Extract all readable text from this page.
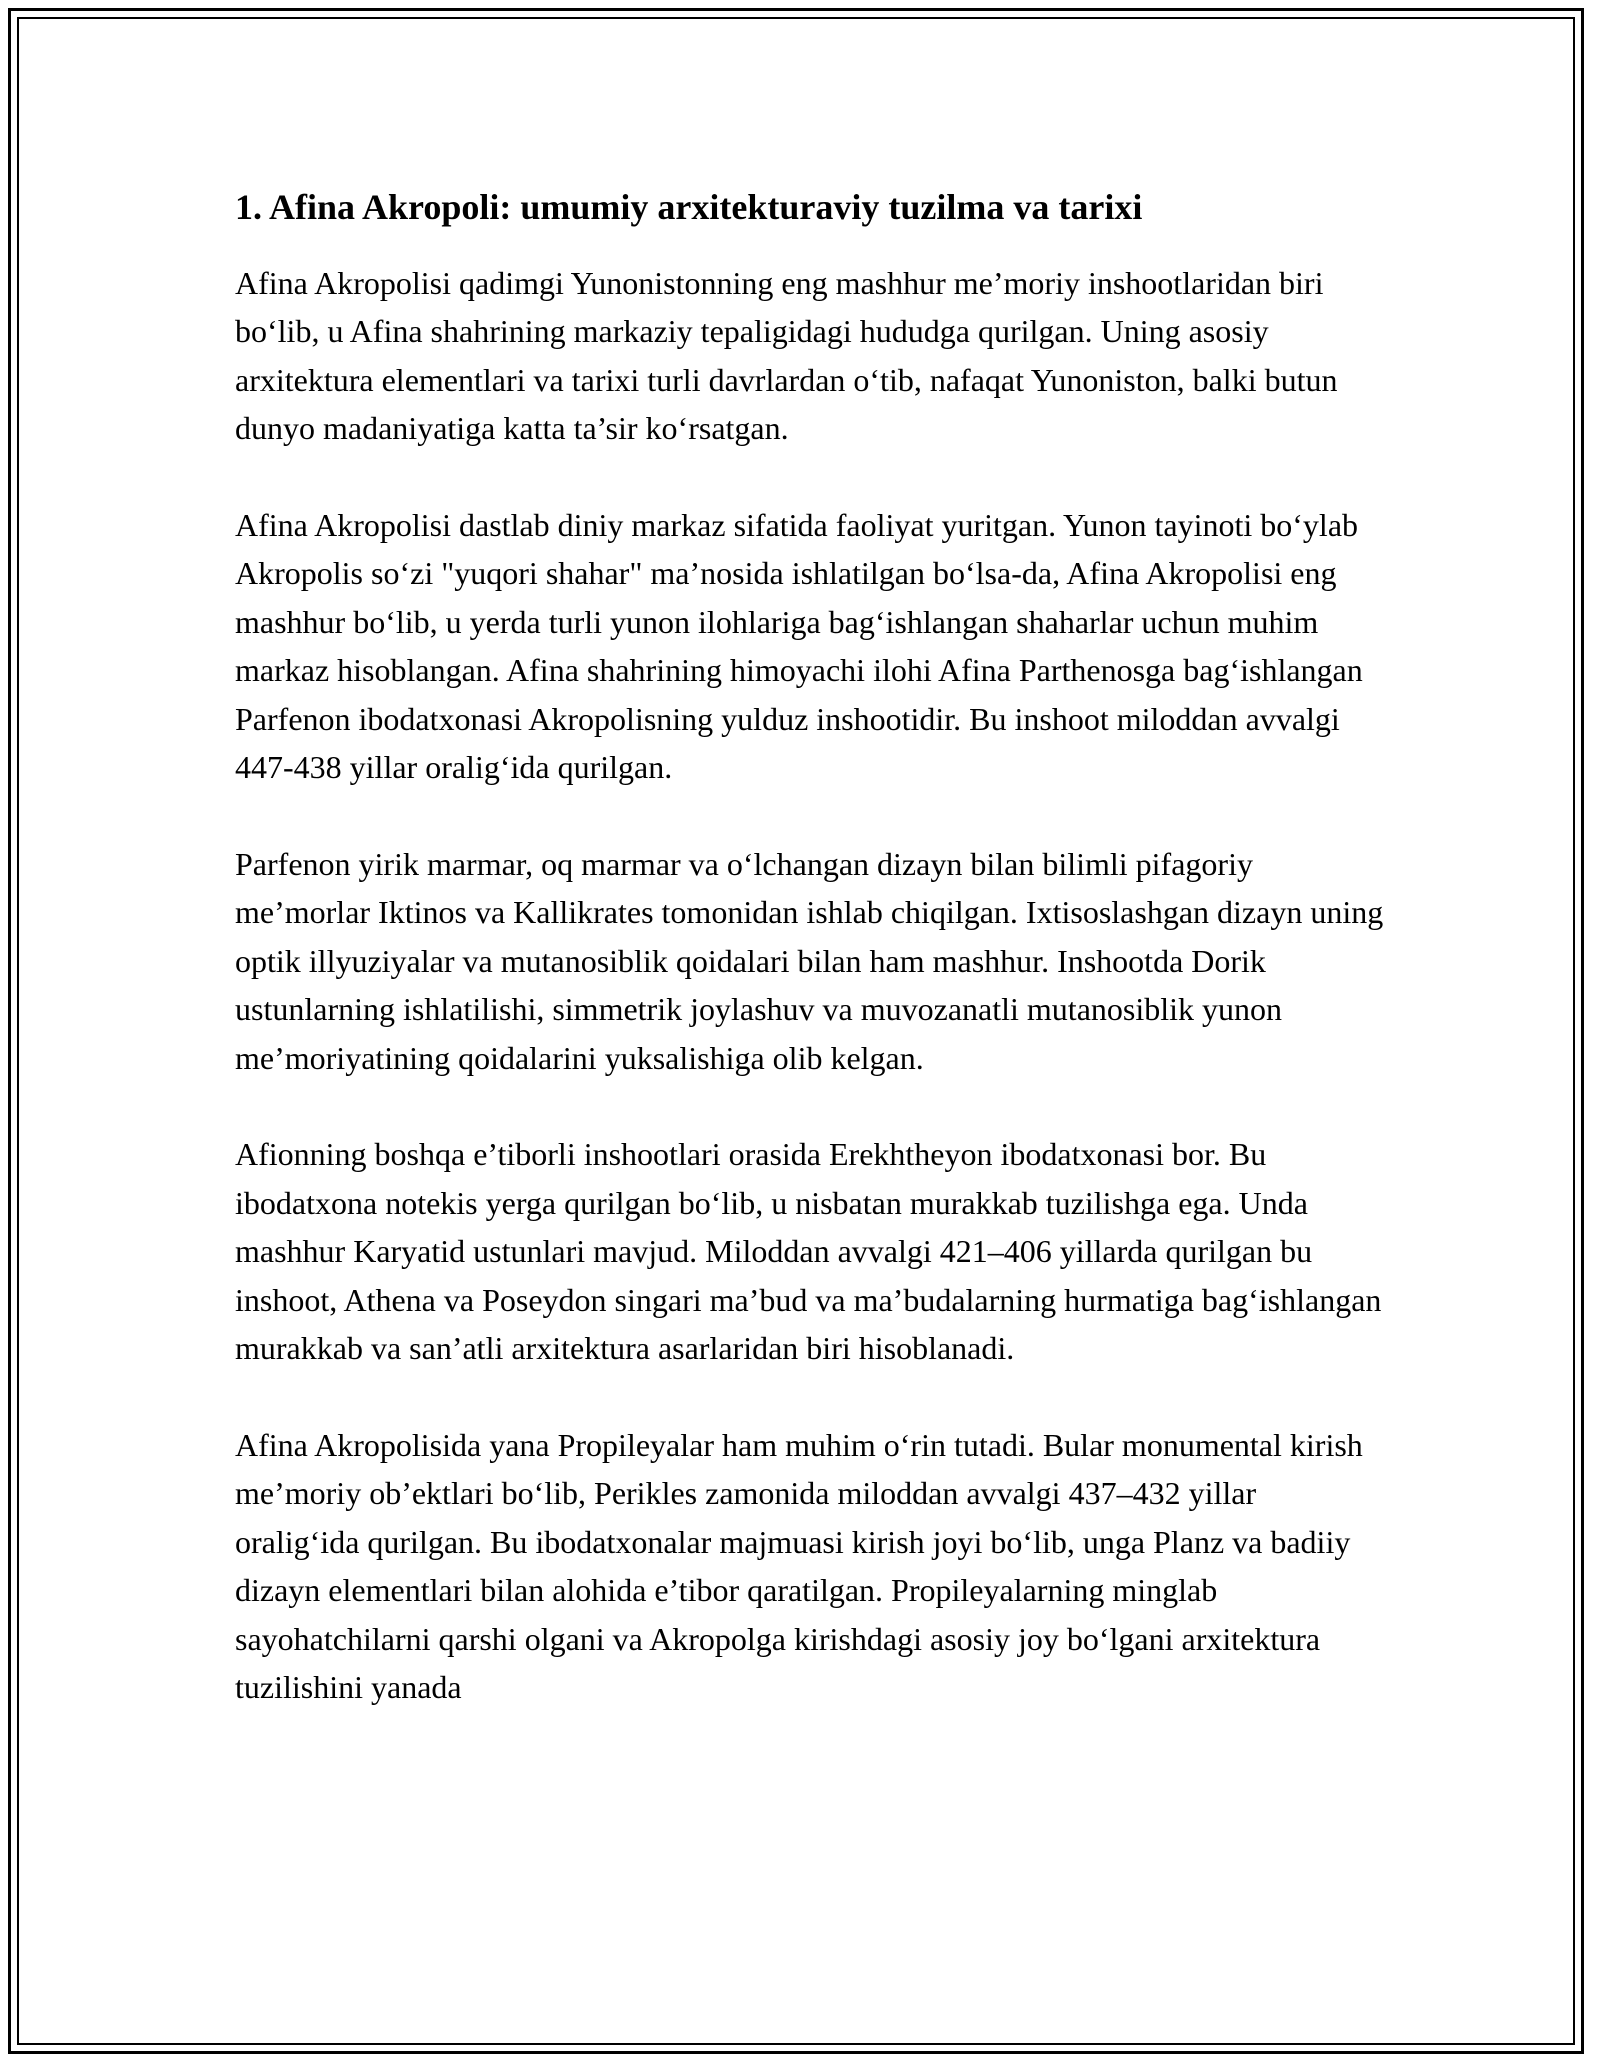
1. Afina Akropoli: umumiy arxitekturaviy tuzilma va tarixi

Afina Akropolisi qadimgi Yunonistonning eng mashhur me’moriy inshootlaridan biri bo‘lib, u Afina shahrining markaziy tepaligidagi hududga qurilgan. Uning asosiy arxitektura elementlari va tarixi turli davrlardan o‘tib, nafaqat Yunoniston, balki butun dunyo madaniyatiga katta ta’sir ko‘rsatgan.

Afina Akropolisi dastlab diniy markaz sifatida faoliyat yuritgan. Yunon tayinoti bo‘ylab Akropolis so‘zi "yuqori shahar" ma’nosida ishlatilgan bo‘lsa-da, Afina Akropolisi eng mashhur bo‘lib, u yerda turli yunon ilohlariga bag‘ishlangan shaharlar uchun muhim markaz hisoblangan. Afina shahrining himoyachi ilohi Afina Parthenosga bag‘ishlangan Parfenon ibodatxonasi Akropolisning yulduz inshootidir. Bu inshoot miloddan avvalgi 447-438 yillar oralig‘ida qurilgan.

Parfenon yirik marmar, oq marmar va o‘lchangan dizayn bilan bilimli pifagoriy me’morlar Iktinos va Kallikrates tomonidan ishlab chiqilgan. Ixtisoslashgan dizayn uning optik illyuziyalar va mutanosiblik qoidalari bilan ham mashhur. Inshootda Dorik ustunlarning ishlatilishi, simmetrik joylashuv va muvozanatli mutanosiblik yunon me’moriyatining qoidalarini yuksalishiga olib kelgan.

Afionning boshqa e’tiborli inshootlari orasida Erekhtheyon ibodatxonasi bor. Bu ibodatxona notekis yerga qurilgan bo‘lib, u nisbatan murakkab tuzilishga ega. Unda mashhur Karyatid ustunlari mavjud. Miloddan avvalgi 421–406 yillarda qurilgan bu inshoot, Athena va Poseydon singari ma’bud va ma’budalarning hurmatiga bag‘ishlangan murakkab va san’atli arxitektura asarlaridan biri hisoblanadi.

Afina Akropolisida yana Propileyalar ham muhim o‘rin tutadi. Bular monumental kirish me’moriy ob’ektlari bo‘lib, Perikles zamonida miloddan avvalgi 437–432 yillar oralig‘ida qurilgan. Bu ibodatxonalar majmuasi kirish joyi bo‘lib, unga Planz va badiiy dizayn elementlari bilan alohida e’tibor qaratilgan. Propileyalarning minglab sayohatchilarni qarshi olgani va Akropolga kirishdagi asosiy joy bo‘lgani arxitektura tuzilishini yanada
